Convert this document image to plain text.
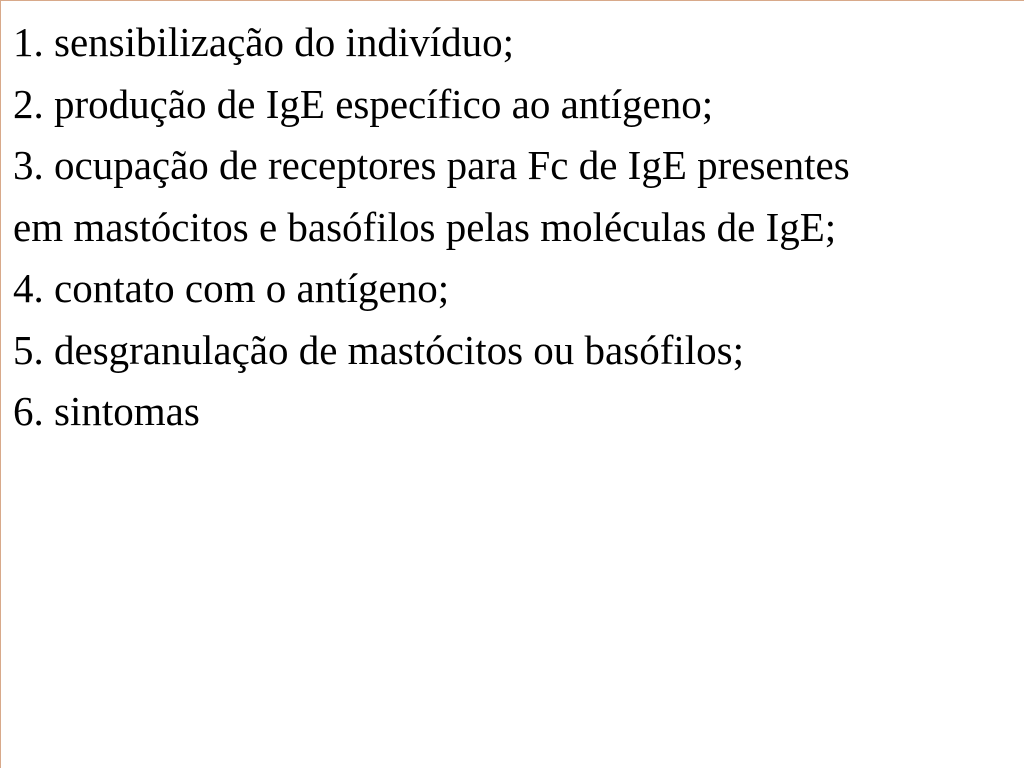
1. sensibilização do indivíduo;
2. produção de IgE específico ao antígeno;
3. ocupação de receptores para Fc de IgE presentes
em mastócitos e basófilos pelas moléculas de IgE;
4. contato com o antígeno;
5. desgranulação de mastócitos ou basófilos;
6. sintomas
